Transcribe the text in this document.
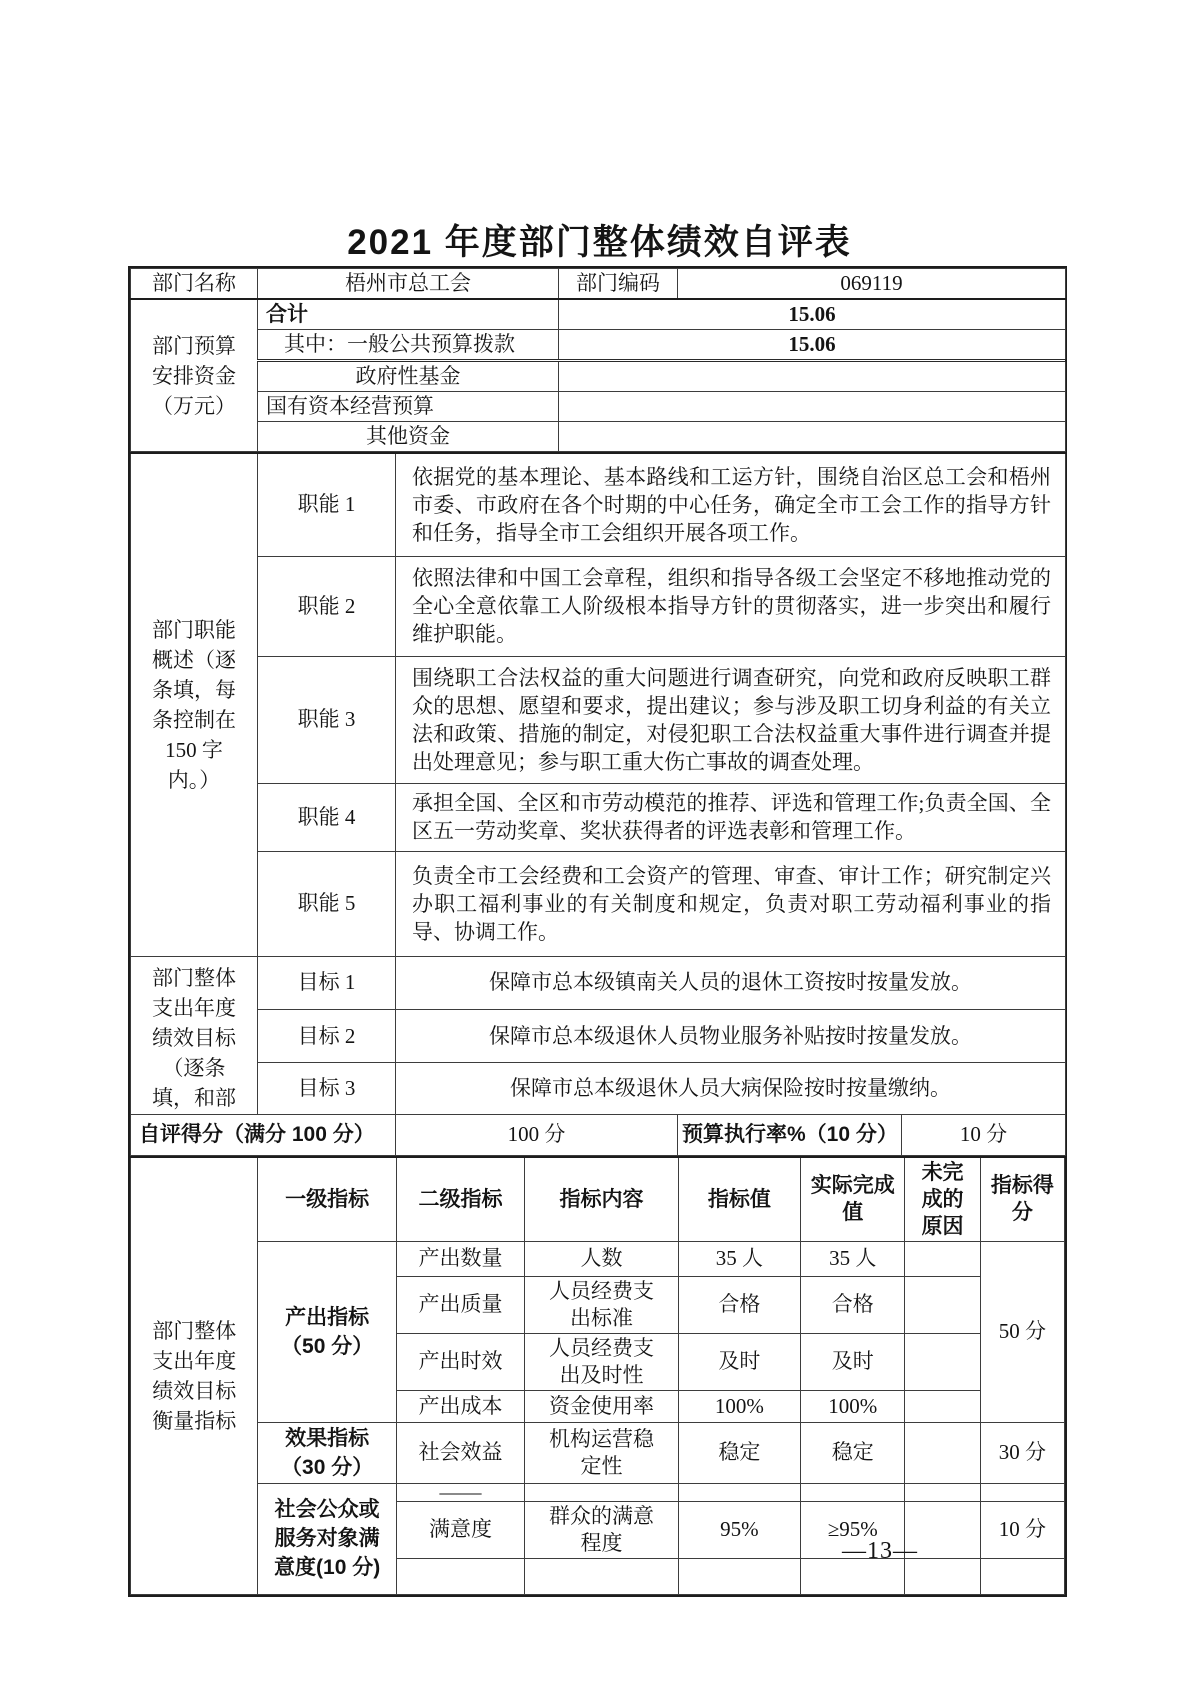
2021 年度部门整体绩效自评表
部门名称	梧州市总工会	部门编码	069119
部门预算安排资金（万元）	合计	15.06	
	其中：一般公共预算拨款	15.06	
	政府性基金		
	国有资本经营预算		
	其他资金		
部门职能概述（逐条填，每条控制在 150 字内。）	职能 1	依据党的基本理论、基本路线和工运方针，围绕自治区总工会和梧州市委、市政府在各个时期的中心任务，确定全市工会工作的指导方针和任务，指导全市工会组织开展各项工作。		
	职能 2	依照法律和中国工会章程，组织和指导各级工会坚定不移地推动党的全心全意依靠工人阶级根本指导方针的贯彻落实，进一步突出和履行维护职能。		
	职能 3	围绕职工合法权益的重大问题进行调查研究，向党和政府反映职工群众的思想、愿望和要求，提出建议；参与涉及职工切身利益的有关立法和政策、措施的制定，对侵犯职工合法权益重大事件进行调查并提出处理意见；参与职工重大伤亡事故的调查处理。		
	职能 4	承担全国、全区和市劳动模范的推荐、评选和管理工作;负责全国、全区五一劳动奖章、奖状获得者的评选表彰和管理工作。		
	职能 5	负责全市工会经费和工会资产的管理、审查、审计工作；研究制定兴办职工福利事业的有关制度和规定，负责对职工劳动福利事业的指导、协调工作。		
部门整体支出年度绩效目标（逐条填，和部	目标 1	保障市总本级镇南关人员的退休工资按时按量发放。		
	目标 2	保障市总本级退休人员物业服务补贴按时按量发放。		
	目标 3	保障市总本级退休人员大病保险按时按量缴纳。		
自评得分（满分 100 分）		100 分	预算执行率%（10 分）	10 分
部门整体支出年度绩效目标衡量指标	一级指标	二级指标	指标内容	指标值	实际完成值	未完成的原因	指标得分
	产出指标（50 分）	产出数量	人数	35 人	35 人		50 分
		产出质量	人员经费支出标准	合格	合格		
		产出时效	人员经费支出及时性	及时	及时		
		产出成本	资金使用率	100%	100%		
	效果指标（30 分）	社会效益	机构运营稳定性	稳定	稳定		30 分
	社会公众或服务对象满意度(10 分)	——					
		满意度	群众的满意程度	95%	≥95%		10 分

—13—
